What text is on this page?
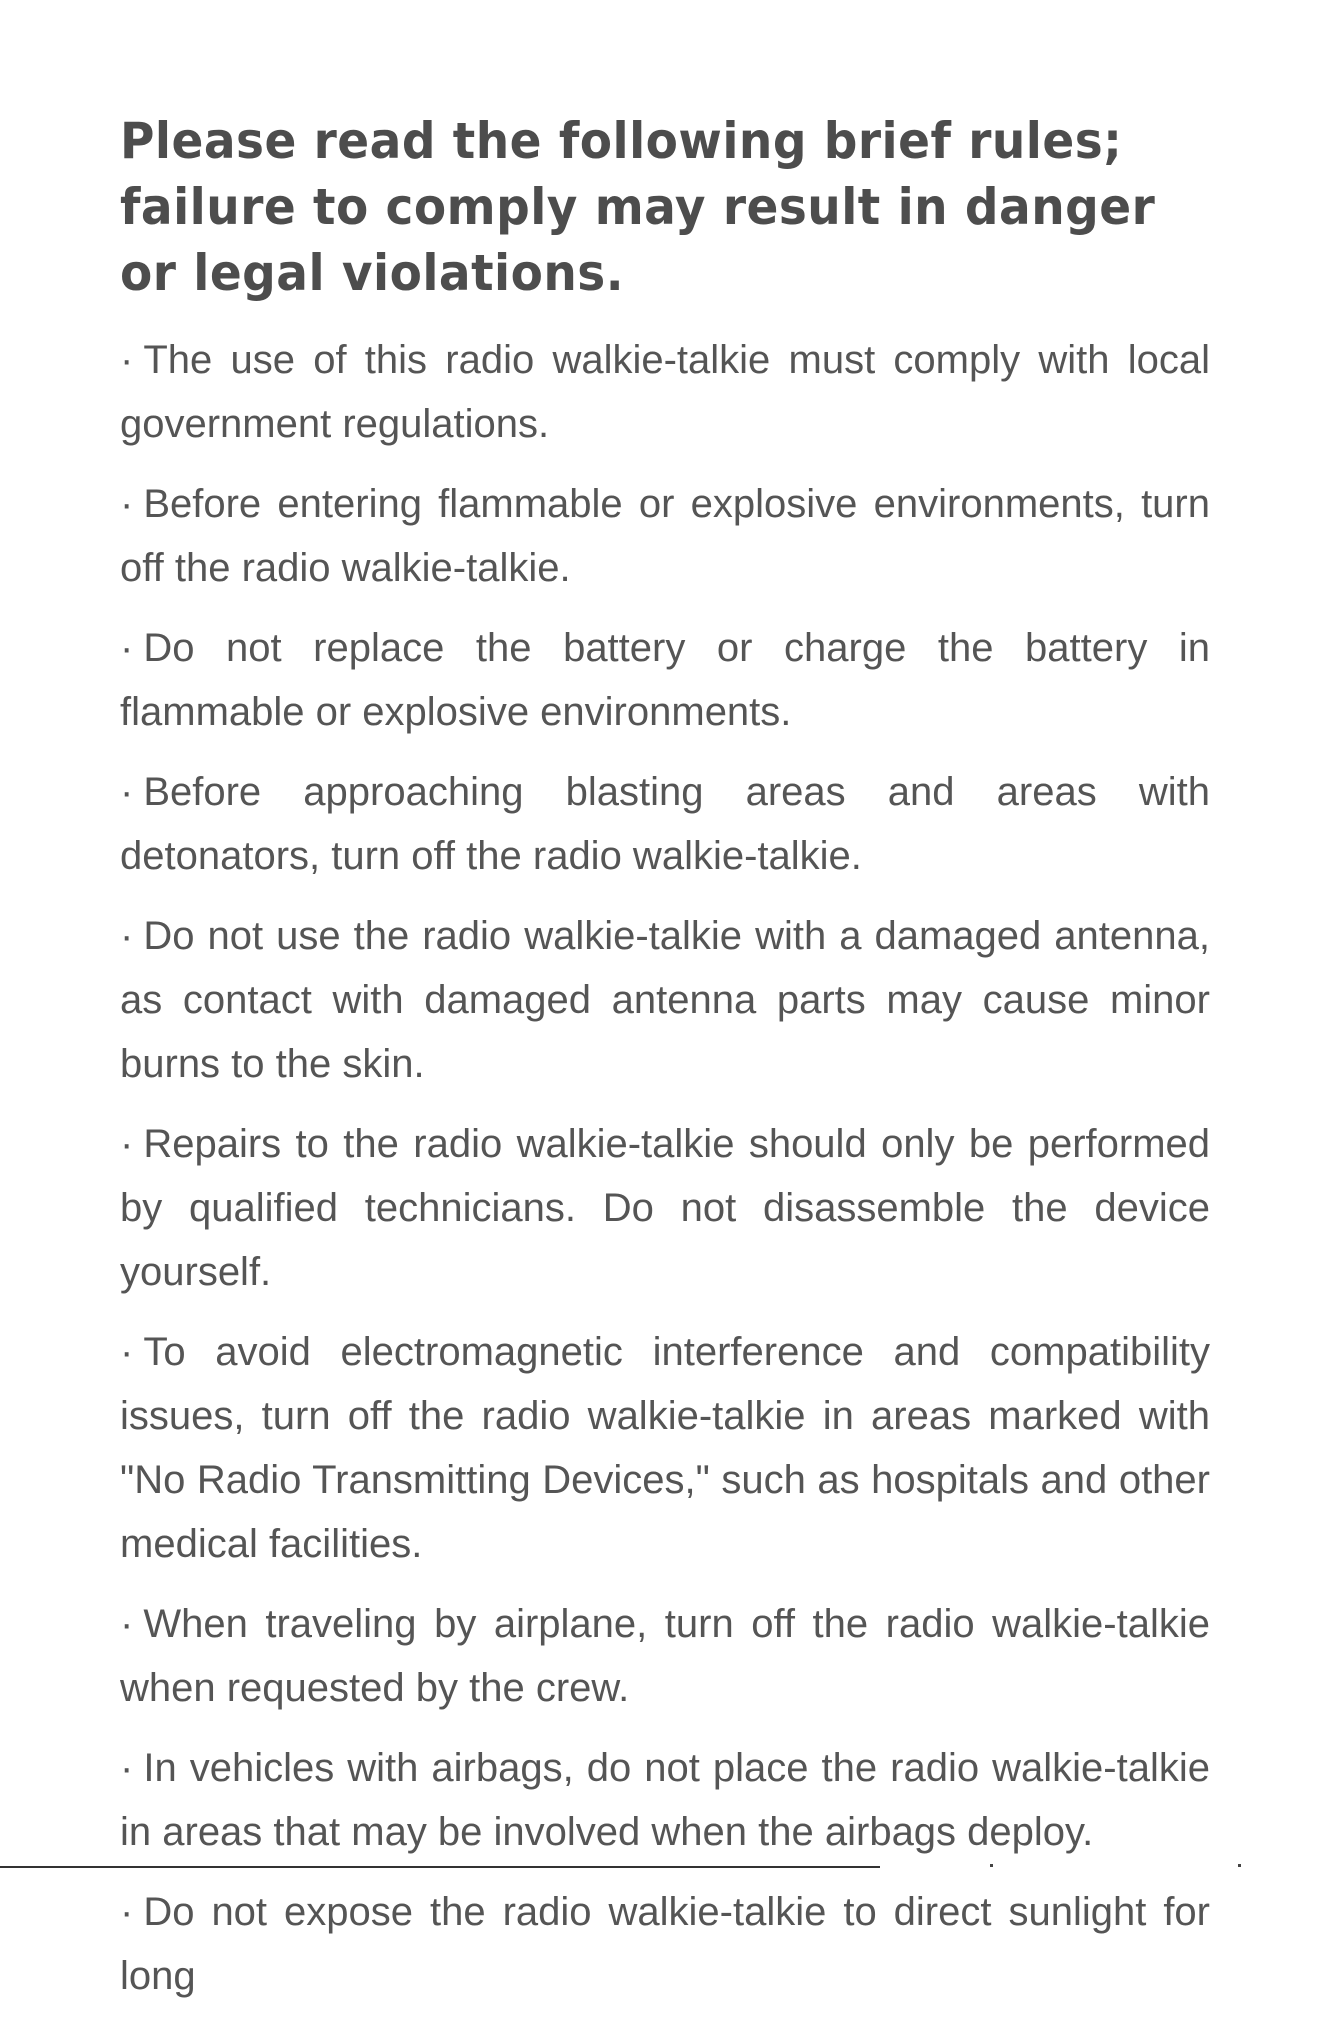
Please read the following brief rules; failure to comply may result in danger or legal violations.
· The use of this radio walkie-talkie must comply with local government regulations.
· Before entering flammable or explosive environments, turn off the radio walkie-talkie.
· Do not replace the battery or charge the battery in flammable or explosive environments.
· Before approaching blasting areas and areas with detonators, turn off the radio walkie-talkie.
· Do not use the radio walkie-talkie with a damaged antenna, as contact with damaged antenna parts may cause minor burns to the skin.
· Repairs to the radio walkie-talkie should only be performed by qualified technicians. Do not disassemble the device yourself.
· To avoid electromagnetic interference and compatibility issues, turn off the radio walkie-talkie in areas marked with "No Radio Transmitting Devices," such as hospitals and other medical facilities.
· When traveling by airplane, turn off the radio walkie-talkie when requested by the crew.
· In vehicles with airbags, do not place the radio walkie-talkie in areas that may be involved when the airbags deploy.
· Do not expose the radio walkie-talkie to direct sunlight for long
